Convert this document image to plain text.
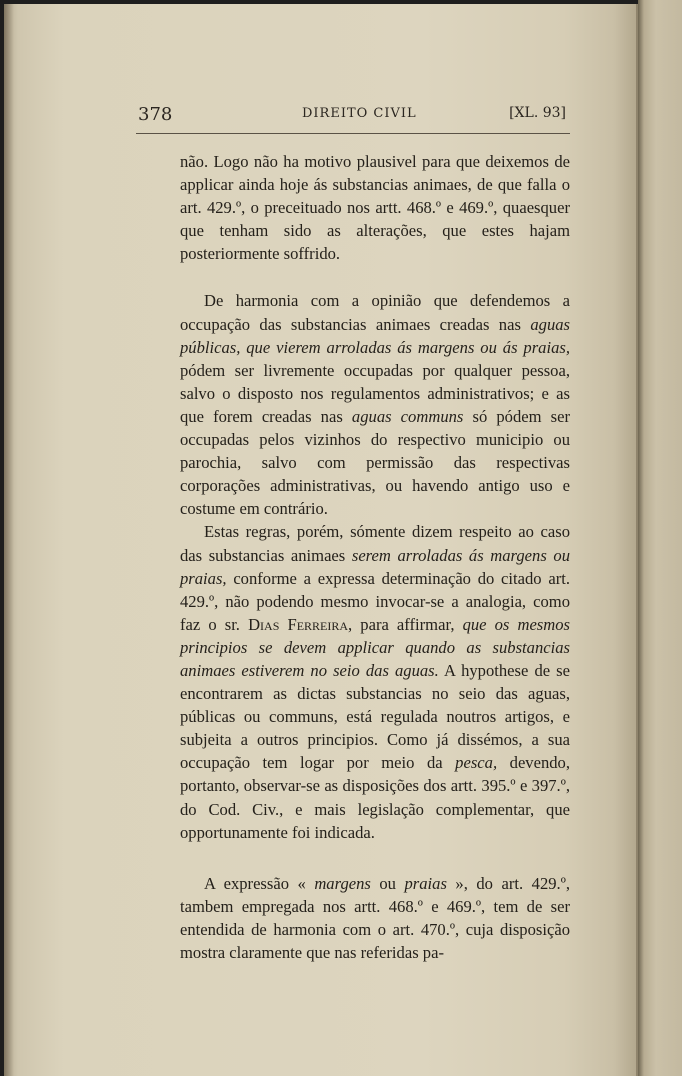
378	DIREITO CIVIL	[XL. 93]

não. Logo não ha motivo plausivel para que deixemos de applicar ainda hoje ás substancias animaes, de que falla o art. 429.º, o preceituado nos artt. 468.º e 469.º, quaesquer que tenham sido as alterações, que estes hajam posteriormente soffrido.

De harmonia com a opinião que defendemos a occupação das substancias animaes creadas nas aguas públicas, que vierem arroladas ás margens ou ás praias, pódem ser livremente occupadas por qualquer pessoa, salvo o disposto nos regulamentos administrativos; e as que forem creadas nas aguas communs só pódem ser occupadas pelos vizinhos do respectivo municipio ou parochia, salvo com permissão das respectivas corporações administrativas, ou havendo antigo uso e costume em contrário.

Estas regras, porém, sómente dizem respeito ao caso das substancias animaes serem arroladas ás margens ou praias, conforme a expressa determinação do citado art. 429.º, não podendo mesmo invocar-se a analogia, como faz o sr. Dias Ferreira, para affirmar, que os mesmos principios se devem applicar quando as substancias animaes estiverem no seio das aguas. A hypothese de se encontrarem as dictas substancias no seio das aguas, públicas ou communs, está regulada noutros artigos, e subjeita a outros principios. Como já dissémos, a sua occupação tem logar por meio da pesca, devendo, portanto, observar-se as disposições dos artt. 395.º e 397.º, do Cod. Civ., e mais legislação complementar, que opportunamente foi indicada.

A expressão « margens ou praias », do art. 429.º, tambem empregada nos artt. 468.º e 469.º, tem de ser entendida de harmonia com o art. 470.º, cuja disposição mostra claramente que nas referidas pa-
